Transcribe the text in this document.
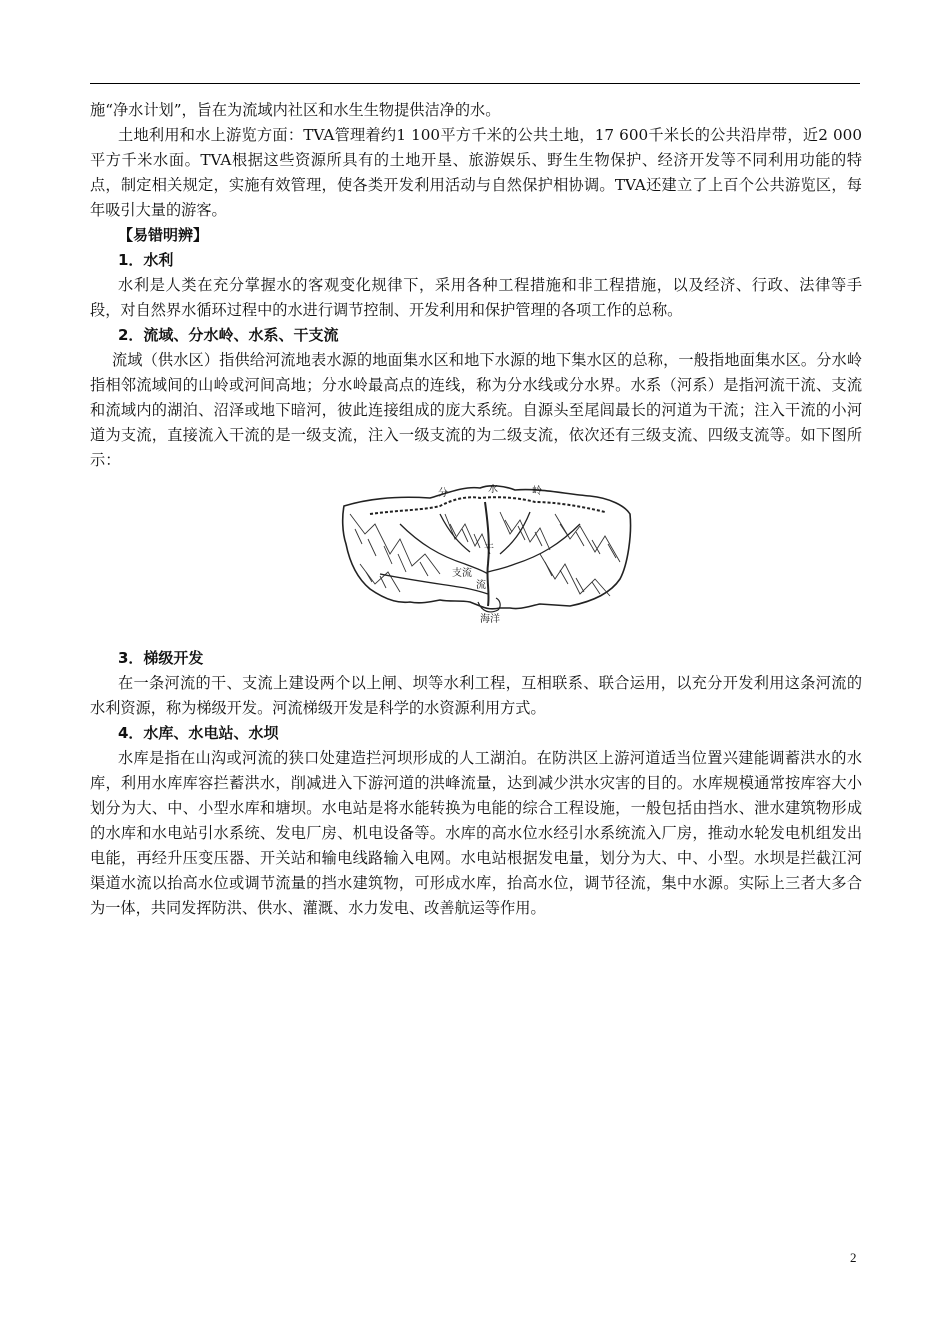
施“净水计划”，旨在为流域内社区和水生生物提供洁净的水。

土地利用和水上游览方面：TVA管理着约1 100平方千米的公共土地，17 600千米长的公共沿岸带，近2 000平方千米水面。TVA根据这些资源所具有的土地开垦、旅游娱乐、野生生物保护、经济开发等不同利用功能的特点，制定相关规定，实施有效管理，使各类开发利用活动与自然保护相协调。TVA还建立了上百个公共游览区，每年吸引大量的游客。

【易错明辨】

1．水利

水利是人类在充分掌握水的客观变化规律下，采用各种工程措施和非工程措施，以及经济、行政、法律等手段，对自然界水循环过程中的水进行调节控制、开发利用和保护管理的各项工作的总称。

2．流域、分水岭、水系、干支流

流域（供水区）指供给河流地表水源的地面集水区和地下水源的地下集水区的总称，一般指地面集水区。分水岭指相邻流域间的山岭或河间高地；分水岭最高点的连线，称为分水线或分水界。水系（河系）是指河流干流、支流和流域内的湖泊、沼泽或地下暗河，彼此连接组成的庞大系统。自源头至尾闾最长的河道为干流；注入干流的小河道为支流，直接流入干流的是一级支流，注入一级支流的为二级支流，依次还有三级支流、四级支流等。如下图所示：

分	水	岭
干
支流
流
海洋

3．梯级开发

在一条河流的干、支流上建设两个以上闸、坝等水利工程，互相联系、联合运用，以充分开发利用这条河流的水利资源，称为梯级开发。河流梯级开发是科学的水资源利用方式。

4．水库、水电站、水坝

水库是指在山沟或河流的狭口处建造拦河坝形成的人工湖泊。在防洪区上游河道适当位置兴建能调蓄洪水的水库，利用水库库容拦蓄洪水，削减进入下游河道的洪峰流量，达到减少洪水灾害的目的。水库规模通常按库容大小划分为大、中、小型水库和塘坝。水电站是将水能转换为电能的综合工程设施，一般包括由挡水、泄水建筑物形成的水库和水电站引水系统、发电厂房、机电设备等。水库的高水位水经引水系统流入厂房，推动水轮发电机组发出电能，再经升压变压器、开关站和输电线路输入电网。水电站根据发电量，划分为大、中、小型。水坝是拦截江河渠道水流以抬高水位或调节流量的挡水建筑物，可形成水库，抬高水位，调节径流，集中水源。实际上三者大多合为一体，共同发挥防洪、供水、灌溉、水力发电、改善航运等作用。

2
